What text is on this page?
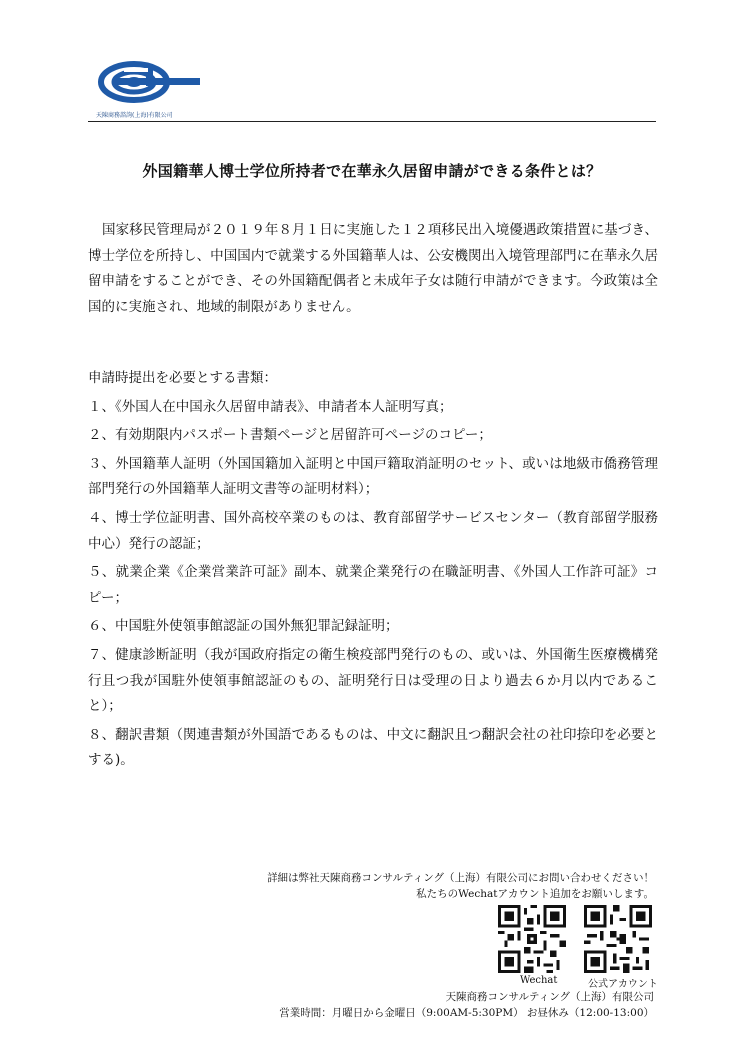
天陳商務諮詢(上海)有限公司
外国籍華人博士学位所持者で在華永久居留申請ができる条件とは？

国家移民管理局が２０１９年８月１日に実施した１２項移民出入境優遇政策措置に基づき、博士学位を所持し、中国国内で就業する外国籍華人は、公安機関出入境管理部門に在華永久居留申請をすることができ、その外国籍配偶者と未成年子女は随行申請ができます。今政策は全国的に実施され、地域的制限がありません。

申請時提出を必要とする書類：
１、《外国人在中国永久居留申請表》、申請者本人証明写真；
２、有効期限内パスポート書類ページと居留許可ページのコピー；
３、外国籍華人証明（外国国籍加入証明と中国戸籍取消証明のセット、或いは地級市僑務管理部門発行の外国籍華人証明文書等の証明材料）；
４、博士学位証明書、国外高校卒業のものは、教育部留学サービスセンター（教育部留学服務中心）発行の認証；
５、就業企業《企業営業許可証》副本、就業企業発行の在職証明書、《外国人工作許可証》コピー；
６、中国駐外使領事館認証の国外無犯罪記録証明；
７、健康診断証明（我が国政府指定の衛生検疫部門発行のもの、或いは、外国衛生医療機構発行且つ我が国駐外使領事館認証のもの、証明発行日は受理の日より過去６か月以内であること）；
８、翻訳書類（関連書類が外国語であるものは、中文に翻訳且つ翻訳会社の社印捺印を必要とする)。
詳細は弊社天陳商務コンサルティング（上海）有限公司にお問い合わせください！
私たちのWechatアカウント追加をお願いします。
Wechat	公式アカウント
天陳商務コンサルティング（上海）有限公司
営業時間：月曜日から金曜日（9:00AM-5:30PM） お昼休み（12:00-13:00）
